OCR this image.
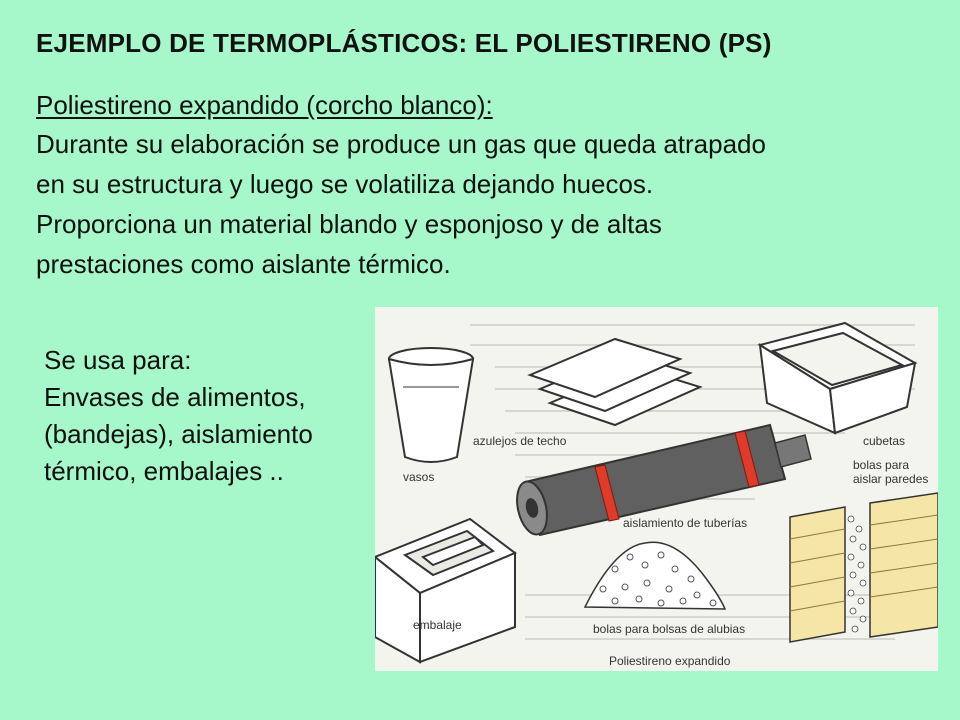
EJEMPLO DE TERMOPLÁSTICOS: EL POLIESTIRENO (PS)
Poliestireno expandido (corcho blanco):
Durante su elaboración se produce un gas que queda atrapado
en su estructura y luego se volatiliza dejando huecos.
Proporciona un material blando y esponjoso y de altas
prestaciones como aislante térmico.
Se usa para:
Envases de alimentos,
(bandejas), aislamiento
térmico, embalajes ..	vasos
azulejos de techo	cubetas
bolas para
aislar paredes
aislamiento de tuberías
embalaje	bolas para bolsas de alubias
Poliestireno expandido
